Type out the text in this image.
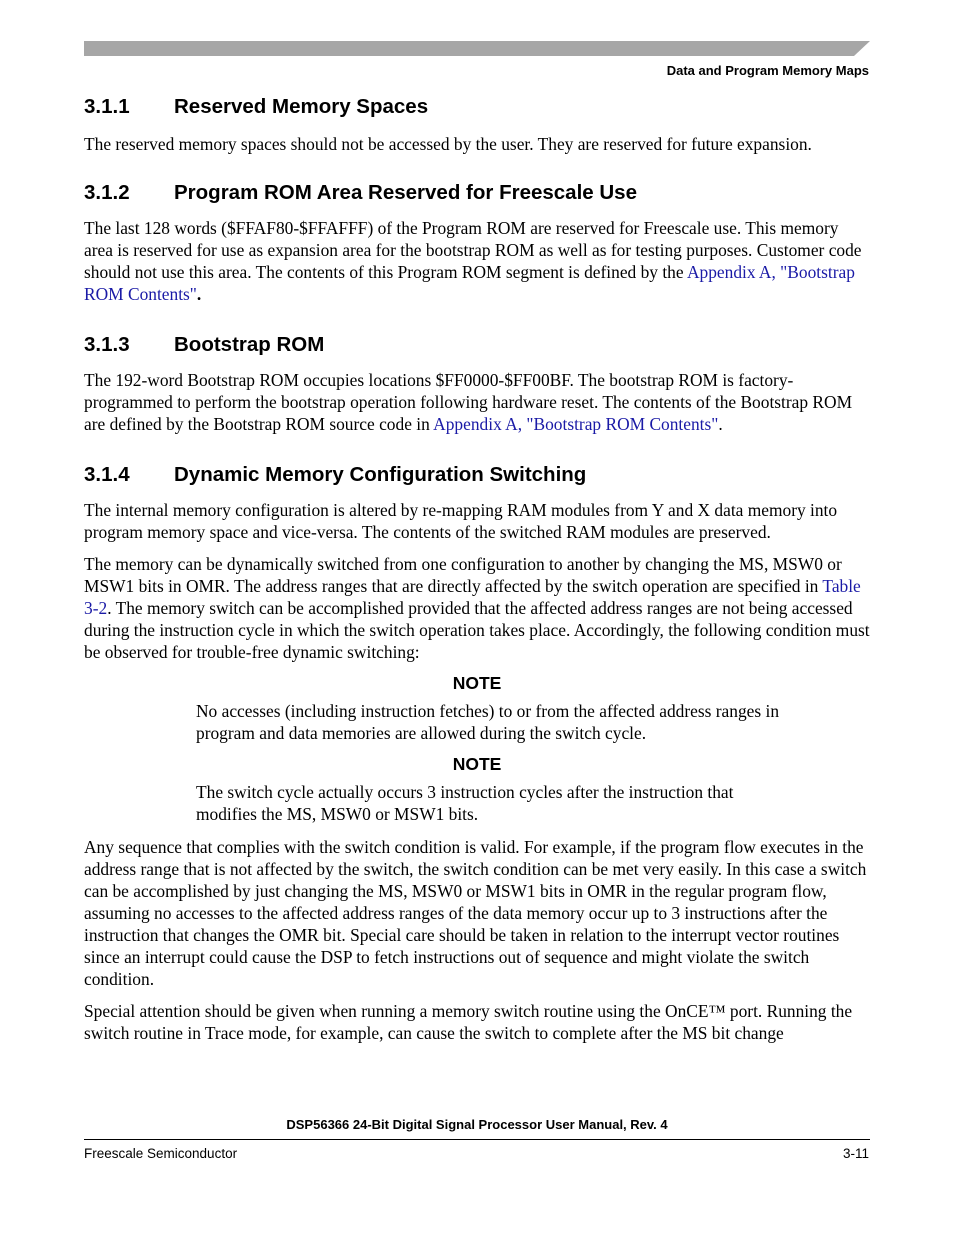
Data and Program Memory Maps
3.1.1	Reserved Memory Spaces

The reserved memory spaces should not be accessed by the user. They are reserved for future expansion.

3.1.2	Program ROM Area Reserved for Freescale Use

The last 128 words ($FFAF80-$FFAFFF) of the Program ROM are reserved for Freescale use. This memory area is reserved for use as expansion area for the bootstrap ROM as well as for testing purposes. Customer code should not use this area. The contents of this Program ROM segment is defined by the Appendix A, "Bootstrap ROM Contents".

3.1.3	Bootstrap ROM

The 192-word Bootstrap ROM occupies locations $FF0000-$FF00BF. The bootstrap ROM is factory-programmed to perform the bootstrap operation following hardware reset. The contents of the Bootstrap ROM are defined by the Bootstrap ROM source code in Appendix A, "Bootstrap ROM Contents".

3.1.4	Dynamic Memory Configuration Switching

The internal memory configuration is altered by re-mapping RAM modules from Y and X data memory into program memory space and vice-versa. The contents of the switched RAM modules are preserved.

The memory can be dynamically switched from one configuration to another by changing the MS, MSW0 or MSW1 bits in OMR. The address ranges that are directly affected by the switch operation are specified in Table 3-2. The memory switch can be accomplished provided that the affected address ranges are not being accessed during the instruction cycle in which the switch operation takes place. Accordingly, the following condition must be observed for trouble-free dynamic switching:

NOTE

No accesses (including instruction fetches) to or from the affected address ranges in program and data memories are allowed during the switch cycle.

NOTE

The switch cycle actually occurs 3 instruction cycles after the instruction that modifies the MS, MSW0 or MSW1 bits.

Any sequence that complies with the switch condition is valid. For example, if the program flow executes in the address range that is not affected by the switch, the switch condition can be met very easily. In this case a switch can be accomplished by just changing the MS, MSW0 or MSW1 bits in OMR in the regular program flow, assuming no accesses to the affected address ranges of the data memory occur up to 3 instructions after the instruction that changes the OMR bit. Special care should be taken in relation to the interrupt vector routines since an interrupt could cause the DSP to fetch instructions out of sequence and might violate the switch condition.

Special attention should be given when running a memory switch routine using the OnCE™ port. Running the switch routine in Trace mode, for example, can cause the switch to complete after the MS bit change

DSP56366 24-Bit Digital Signal Processor User Manual, Rev. 4
Freescale Semiconductor	3-11
